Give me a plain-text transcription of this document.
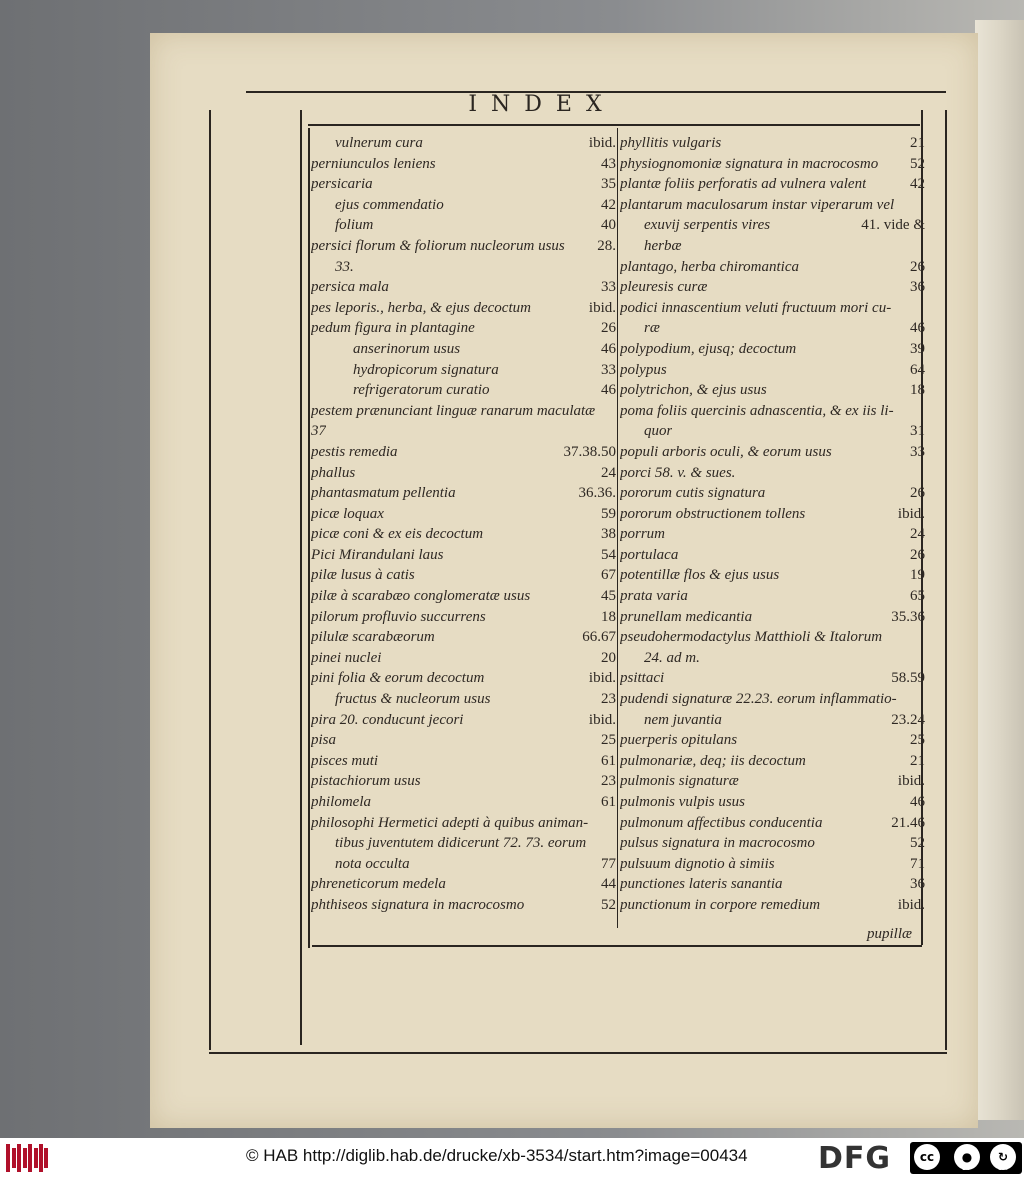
INDEX
vulnerum cura	ibid.
perniunculos leniens	43
persicaria	35
ejus commendatio	42
folium	40
persici florum & foliorum nucleorum usus 28.
33.
persica mala	33
pes leporis., herba, & ejus decoctum	ibid.
pedum figura in plantagine	26
anserinorum usus	46
hydropicorum signatura	33
refrigeratorum curatio	46
pestem prænunciant linguæ ranarum maculatæ
37
pestis remedia	37.38.50
phallus	24
phantasmatum pellentia	36.36.
picæ loquax	59
picæ coni & ex eis decoctum	38
Pici Mirandulani laus	54
pilæ lusus à catis	67
pilæ à scarabæo conglomeratæ usus	45
pilorum profluvio succurrens	18
pilulæ scarabæorum	66.67
pinei nuclei	20
pini folia & eorum decoctum	ibid.
fructus & nucleorum usus	23
pira 20. conducunt jecori	ibid.
pisa	25
pisces muti	61
pistachiorum usus	23
philomela	61
philosophi Hermetici adepti à quibus animan-
tibus juventutem didicerunt 72. 73. eorum
nota occulta	77
phreneticorum medela	44
phthiseos signatura in macrocosmo	52
phyllitis vulgaris	21
physiognomoniæ signatura in macrocosmo 52
plantæ foliis perforatis ad vulnera valent	42
plantarum maculosarum instar viperarum vel
exuvij serpentis vires	41. vide &
herbæ
plantago, herba chiromantica	26
pleuresis curæ	36
podici innascentium veluti fructuum mori cu-
ræ	46
polypodium, ejusq; decoctum	39
polypus	64
polytrichon, & ejus usus	18
poma foliis quercinis adnascentia, & ex iis li-
quor	31
populi arboris oculi, & eorum usus	33
porci 58. v. & sues.
pororum cutis signatura	26
pororum obstructionem tollens	ibid.
porrum	24
portulaca	26
potentillæ flos & ejus usus	19
prata varia	65
prunellam medicantia	35.36
pseudohermodactylus Matthioli & Italorum
24. ad m.
psittaci	58.59
pudendi signaturæ 22.23. eorum inflammatio-
nem juvantia	23.24
puerperis opitulans	25
pulmonariæ, deq; iis decoctum	21
pulmonis signaturæ	ibid.
pulmonis vulpis usus	46
pulmonum affectibus conducentia	21.46
pulsus signatura in macrocosmo	52
pulsuum dignotio à simiis	71
punctiones lateris sanantia	36
punctionum in corpore remedium	ibid.
pupillæ
© HAB http://diglib.hab.de/drucke/xb-3534/start.htm?image=00434 DFG	cc	●	↻
BY	SA
